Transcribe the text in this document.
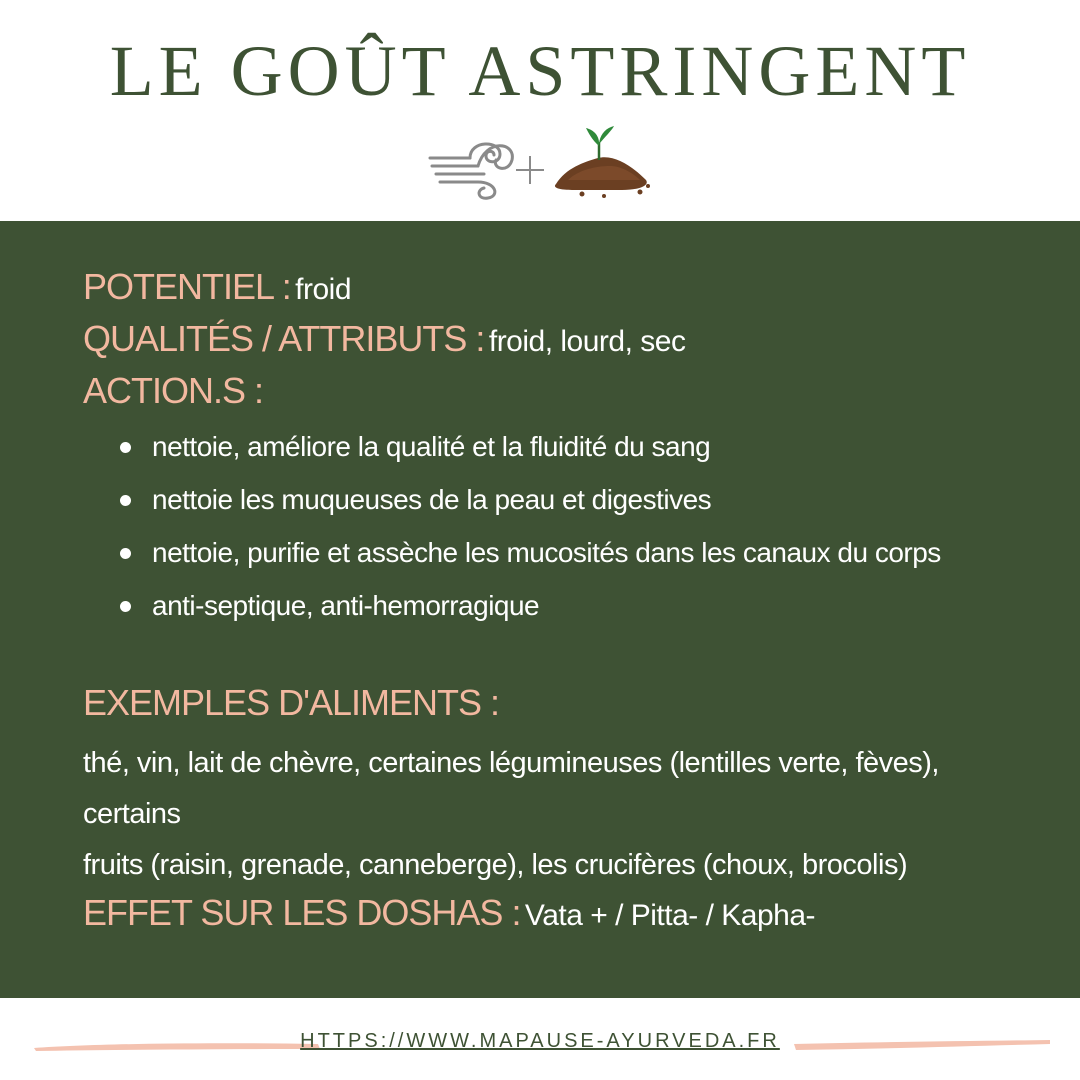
LE GOÛT ASTRINGENT
POTENTIEL : froid
QUALITÉS / ATTRIBUTS : froid, lourd, sec
ACTION.S :
nettoie, améliore la qualité et la fluidité du sang
nettoie les muqueuses de la peau et digestives
nettoie, purifie et assèche les mucosités dans les canaux du corps
anti-septique, anti-hemorragique
EXEMPLES D'ALIMENTS :
thé, vin, lait de chèvre, certaines légumineuses (lentilles verte, fèves), certains
fruits (raisin, grenade, canneberge), les crucifères (choux, brocolis)
EFFET SUR LES DOSHAS : Vata + / Pitta- / Kapha-
HTTPS://WWW.MAPAUSE-AYURVEDA.FR
